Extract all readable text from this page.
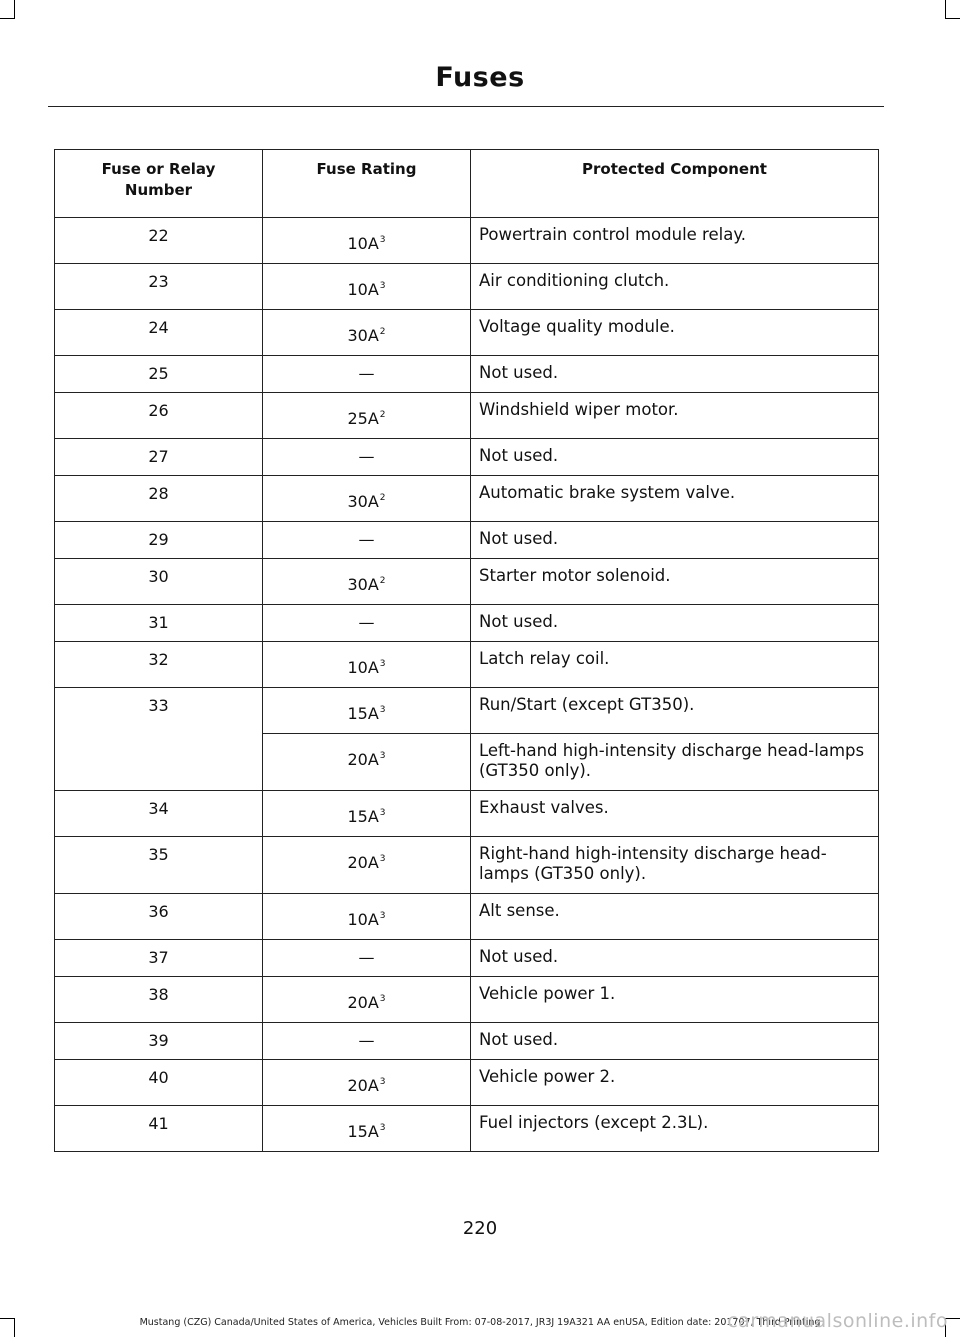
Fuses
Fuse or Relay Number	Fuse Rating	Protected Component
22	$10A^3$	Powertrain control module relay.
23	$10A^3$	Air conditioning clutch.
24	$30A^2$	Voltage quality module.
25	—	Not used.
26	$25A^2$	Windshield wiper motor.
27	—	Not used.
28	$30A^2$	Automatic brake system valve.
29	—	Not used.
30	$30A^2$	Starter motor solenoid.
31	—	Not used.
32	$10A^3$	Latch relay coil.
33	$15A^3$	Run/Start (except GT350).
	$20A^3$	Left-hand high-intensity discharge head-lamps (GT350 only).
34	$15A^3$	Exhaust valves.
35	$20A^3$	Right-hand high-intensity discharge head-lamps (GT350 only).
36	$10A^3$	Alt sense.
37	—	Not used.
38	$20A^3$	Vehicle power 1.
39	—	Not used.
40	$20A^3$	Vehicle power 2.
41	$15A^3$	Fuel injectors (except 2.3L).
220
Mustang (CZG) Canada/United States of America, Vehicles Built From: 07-08-2017, JR3J 19A321 AA enUSA, Edition date: 201707, Third Printing
carmanualsonline.info
